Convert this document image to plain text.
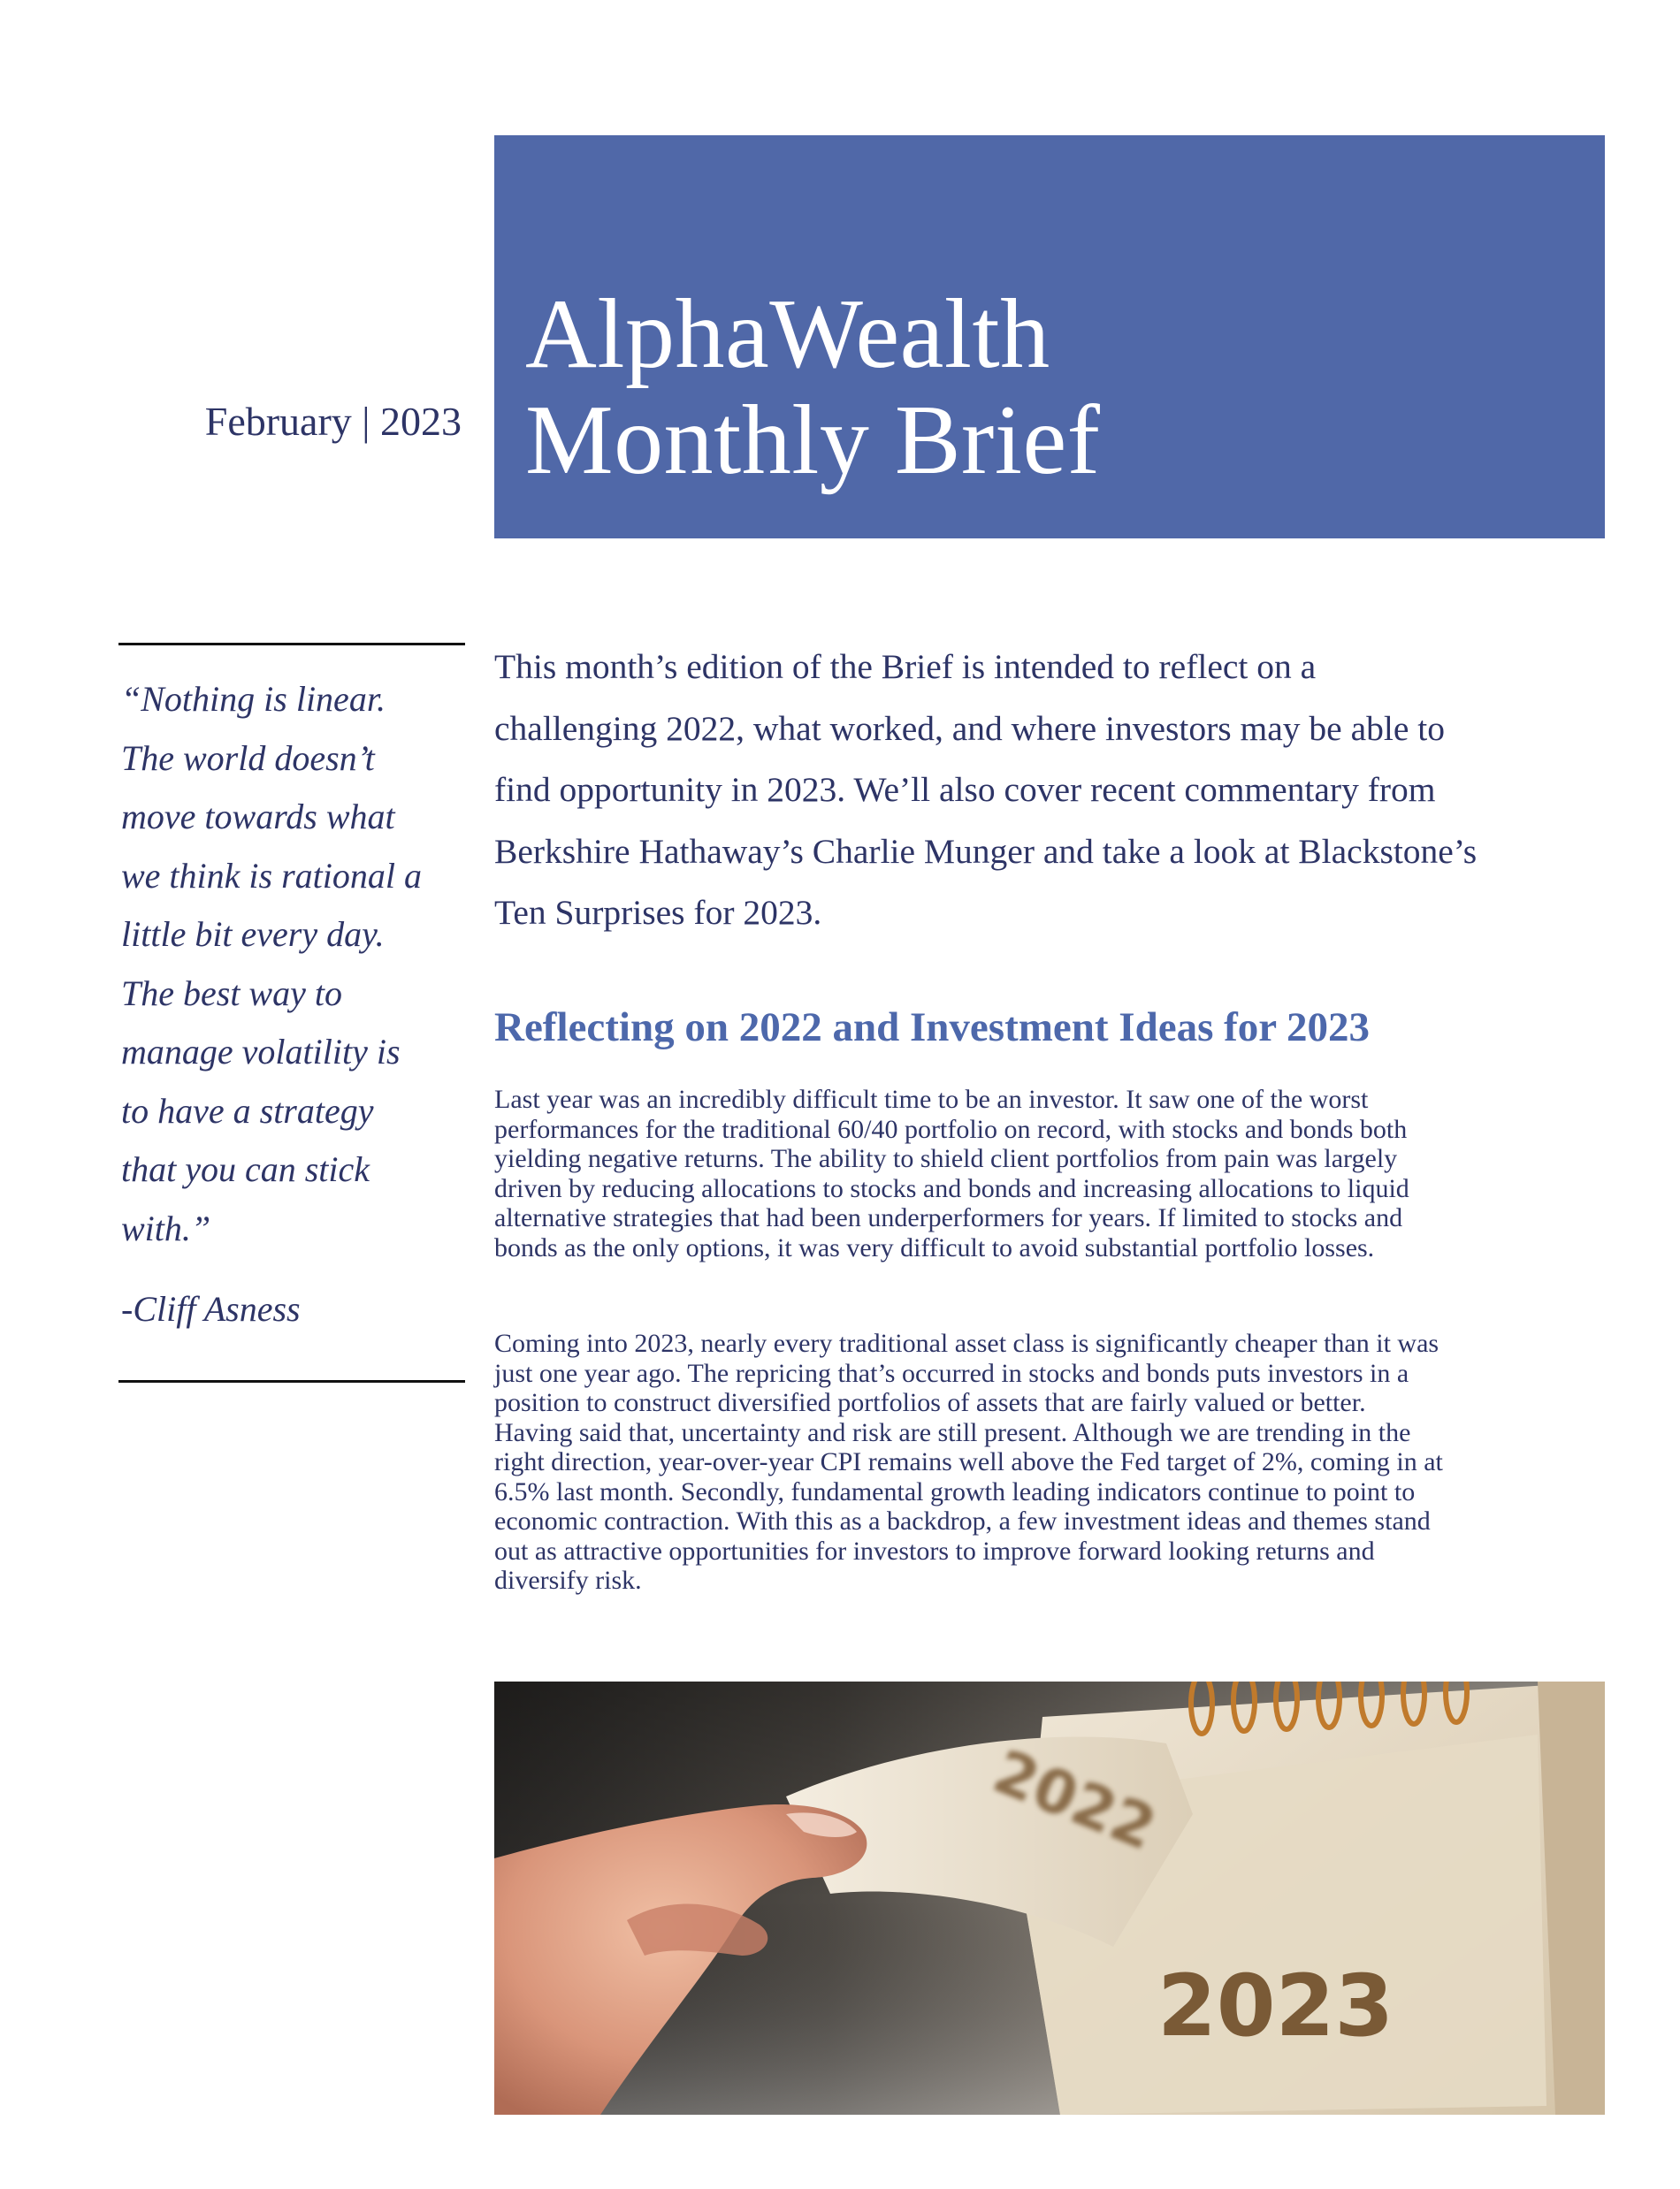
AlphaWealth
Monthly Brief
February | 2023

“Nothing is linear.
The world doesn’t
move towards what
we think is rational a
little bit every day.
The best way to
manage volatility is
to have a strategy
that you can stick
with.”

-Cliff Asness

This month’s edition of the Brief is intended to reflect on a
challenging 2022, what worked, and where investors may be able to
find opportunity in 2023. We’ll also cover recent commentary from
Berkshire Hathaway’s Charlie Munger and take a look at Blackstone’s
Ten Surprises for 2023.

Reflecting on 2022 and Investment Ideas for 2023

Last year was an incredibly difficult time to be an investor. It saw one of the worst
performances for the traditional 60/40 portfolio on record, with stocks and bonds both
yielding negative returns. The ability to shield client portfolios from pain was largely
driven by reducing allocations to stocks and bonds and increasing allocations to liquid
alternative strategies that had been underperformers for years. If limited to stocks and
bonds as the only options, it was very difficult to avoid substantial portfolio losses.

Coming into 2023, nearly every traditional asset class is significantly cheaper than it was
just one year ago. The repricing that’s occurred in stocks and bonds puts investors in a
position to construct diversified portfolios of assets that are fairly valued or better.
Having said that, uncertainty and risk are still present. Although we are trending in the
right direction, year-over-year CPI remains well above the Fed target of 2%, coming in at
6.5% last month. Secondly, fundamental growth leading indicators continue to point to
economic contraction. With this as a backdrop, a few investment ideas and themes stand
out as attractive opportunities for investors to improve forward looking returns and
diversify risk.

2022
2023
